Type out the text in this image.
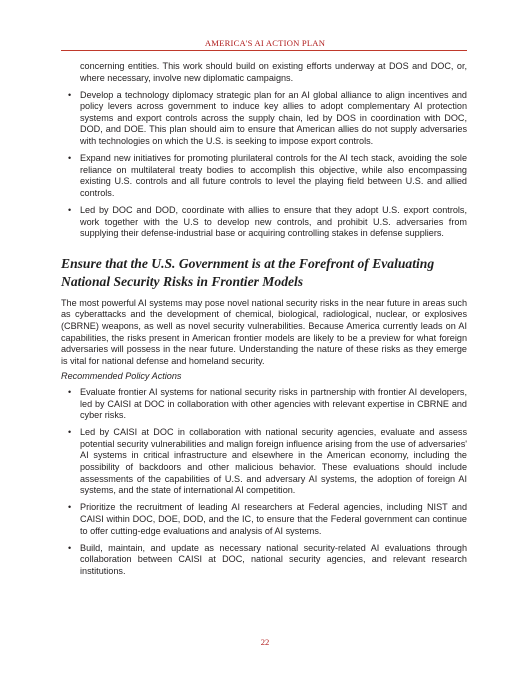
AMERICA'S AI ACTION PLAN

concerning entities. This work should build on existing efforts underway at DOS and DOC, or, where necessary, involve new diplomatic campaigns.

• Develop a technology diplomacy strategic plan for an AI global alliance to align incentives and policy levers across government to induce key allies to adopt complementary AI protection systems and export controls across the supply chain, led by DOS in coordination with DOC, DOD, and DOE. This plan should aim to ensure that American allies do not supply adversaries with technologies on which the U.S. is seeking to impose export controls.
• Expand new initiatives for promoting plurilateral controls for the AI tech stack, avoiding the sole reliance on multilateral treaty bodies to accomplish this objective, while also encompassing existing U.S. controls and all future controls to level the playing field between U.S. and allied controls.
• Led by DOC and DOD, coordinate with allies to ensure that they adopt U.S. export controls, work together with the U.S to develop new controls, and prohibit U.S. adversaries from supplying their defense-industrial base or acquiring controlling stakes in defense suppliers.
Ensure that the U.S. Government is at the Forefront of Evaluating National Security Risks in Frontier Models

The most powerful AI systems may pose novel national security risks in the near future in areas such as cyberattacks and the development of chemical, biological, radiological, nuclear, or explosives (CBRNE) weapons, as well as novel security vulnerabilities. Because America currently leads on AI capabilities, the risks present in American frontier models are likely to be a preview for what foreign adversaries will possess in the near future. Understanding the nature of these risks as they emerge is vital for national defense and homeland security.

Recommended Policy Actions

• Evaluate frontier AI systems for national security risks in partnership with frontier AI developers, led by CAISI at DOC in collaboration with other agencies with relevant expertise in CBRNE and cyber risks.
• Led by CAISI at DOC in collaboration with national security agencies, evaluate and assess potential security vulnerabilities and malign foreign influence arising from the use of adversaries' AI systems in critical infrastructure and elsewhere in the American economy, including the possibility of backdoors and other malicious behavior. These evaluations should include assessments of the capabilities of U.S. and adversary AI systems, the adoption of foreign AI systems, and the state of international AI competition.
• Prioritize the recruitment of leading AI researchers at Federal agencies, including NIST and CAISI within DOC, DOE, DOD, and the IC, to ensure that the Federal government can continue to offer cutting-edge evaluations and analysis of AI systems.
• Build, maintain, and update as necessary national security-related AI evaluations through collaboration between CAISI at DOC, national security agencies, and relevant research institutions.
22
